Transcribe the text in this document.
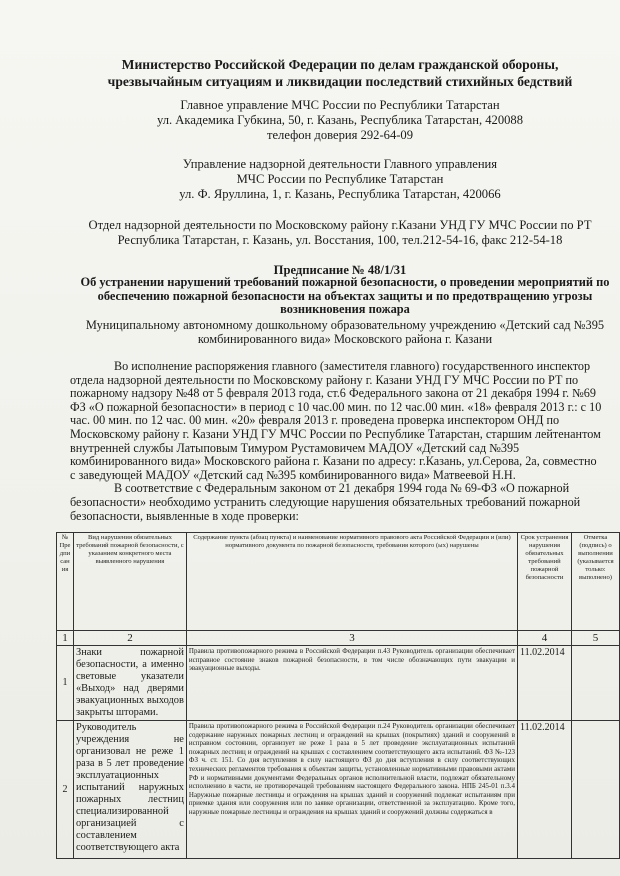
Министерство Российской Федерации по делам гражданской обороны,
чрезвычайным ситуациям и ликвидации последствий стихийных бедствий
Главное управление МЧС России по Республики Татарстан
ул. Академика Губкина, 50, г. Казань, Республика Татарстан, 420088
телефон доверия 292-64-09
Управление надзорной деятельности Главного управления
МЧС России по Республике Татарстан
ул. Ф. Яруллина, 1, г. Казань, Республика Татарстан, 420066
Отдел надзорной деятельности по Московскому району г.Казани УНД ГУ МЧС России по РТ
Республика Татарстан, г. Казань, ул. Восстания, 100, тел.212-54-16, факс 212-54-18
Предписание № 48/1/31
Об устранении нарушений требований пожарной безопасности, о проведении мероприятий по
обеспечению пожарной безопасности на объектах защиты и по предотвращению угрозы
возникновения пожара
Муниципальному автономному дошкольному образовательному учреждению «Детский сад №395
комбинированного вида» Московского района г. Казани

Во исполнение распоряжения главного (заместителя главного) государственного инспектор

отдела надзорной деятельности по Московскому району г. Казани УНД ГУ МЧС России по РТ по

пожарному надзору №48 от 5 февраля 2013 года, ст.6 Федерального закона от 21 декабря 1994 г. №69

ФЗ «О пожарной безопасности» в период с 10 час.00 мин. по 12 час.00 мин. «18» февраля 2013 г.: с 10

час. 00 мин. по 12 час. 00 мин. «20» февраля 2013 г. проведена проверка инспектором ОНД по

Московскому району г. Казани УНД ГУ МЧС России по Республике Татарстан, старшим лейтенантом

внутренней службы Латыповым Тимуром Рустамовичем МАДОУ «Детский сад №395

комбинированного вида» Московского района г. Казани по адресу: г.Казань, ул.Серова, 2а, совместно

с заведующей МАДОУ «Детский сад №395 комбинированного вида» Матвеевой Н.Н.

В соответствие с Федеральным законом от 21 декабря 1994 года № 69-ФЗ «О пожарной

безопасности» необходимо устранить следующие нарушения обязательных требований пожарной

безопасности, выявленные в ходе проверки:

№ Пре дпи сан ия	Вид нарушения обязательных требований пожарной безопасности, с указанием конкретного места выявленного нарушения	Содержание пункта (абзац пункта) и наименование нормативного правового акта Российской Федерации и (или) нормативного документа по пожарной безопасности, требования которого (ых) нарушены	Срок устранения нарушения обязательных требований пожарной безопасности	Отметка (подпись) о выполнении (указывается только: выполнено)
1	2	3	4	5
1	Знаки пожарной безопасности, а именно световые указатели «Выход» над дверями эвакуационных выходов закрыты шторами.	Правила противопожарного режима в Российской Федерации п.43 Руководитель организации обеспечивает исправное состояние знаков пожарной безопасности, в том числе обозначающих пути эвакуации и эвакуационные выходы.	11.02.2014	
2	Руководитель учреждения не организовал не реже 1 раза в 5 лет проведение эксплуатационных испытаний наружных пожарных лестниц специализированной организацией с составлением соответствующего акта	Правила противопожарного режима в Российской Федерации п.24 Руководитель организации обеспечивает содержание наружных пожарных лестниц и ограждений на крышах (покрытиях) зданий и сооружений в исправном состоянии, организует не реже 1 раза в 5 лет проведение эксплуатационных испытаний пожарных лестниц и ограждений на крышах с составлением соответствующего акта испытаний. ФЗ №-123 ФЗ ч. ст. 151. Со дня вступления в силу настоящего ФЗ до дня вступления в силу соответствующих технических регламентов требования к объектам защиты, установленные нормативными правовыми актами РФ и нормативными документами Федеральных органов исполнительной власти, подлежат обязательному исполнению в части, не противоречащей требованиям настоящего Федерального закона. НПБ 245-01 п.3.4 Наружные пожарные лестницы и ограждения на крышах зданий и сооружений подлежат испытаниям при приемке здания или сооружения или по заявке организации, ответственной за эксплуатацию. Кроме того, наружные пожарные лестницы и ограждения на крышах зданий и сооружений должны содержаться в	11.02.2014	
